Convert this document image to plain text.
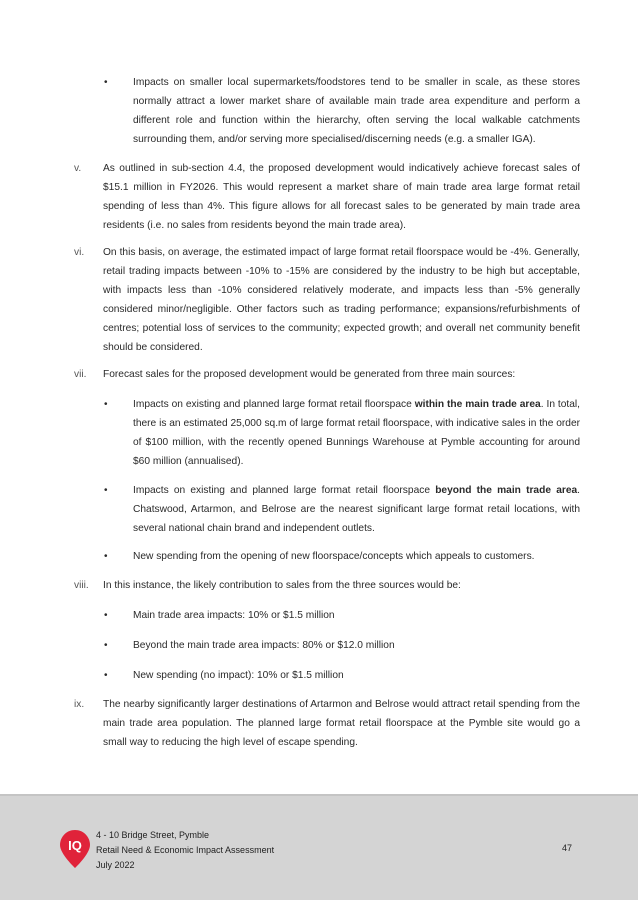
• Impacts on smaller local supermarkets/foodstores tend to be smaller in scale, as these stores normally attract a lower market share of available main trade area expenditure and perform a different role and function within the hierarchy, often serving the local walkable catchments surrounding them, and/or serving more specialised/discerning needs (e.g. a smaller IGA).
v. As outlined in sub-section 4.4, the proposed development would indicatively achieve forecast sales of $15.1 million in FY2026. This would represent a market share of main trade area large format retail spending of less than 4%. This figure allows for all forecast sales to be generated by main trade area residents (i.e. no sales from residents beyond the main trade area).
vi. On this basis, on average, the estimated impact of large format retail floorspace would be -4%. Generally, retail trading impacts between -10% to -15% are considered by the industry to be high but acceptable, with impacts less than -10% considered relatively moderate, and impacts less than -5% generally considered minor/negligible. Other factors such as trading performance; expansions/refurbishments of centres; potential loss of services to the community; expected growth; and overall net community benefit should be considered.
vii. Forecast sales for the proposed development would be generated from three main sources:
• Impacts on existing and planned large format retail floorspace within the main trade area. In total, there is an estimated 25,000 sq.m of large format retail floorspace, with indicative sales in the order of $100 million, with the recently opened Bunnings Warehouse at Pymble accounting for around $60 million (annualised).
• Impacts on existing and planned large format retail floorspace beyond the main trade area. Chatswood, Artarmon, and Belrose are the nearest significant large format retail locations, with several national chain brand and independent outlets.
• New spending from the opening of new floorspace/concepts which appeals to customers.
viii. In this instance, the likely contribution to sales from the three sources would be:
• Main trade area impacts: 10% or $1.5 million
• Beyond the main trade area impacts: 80% or $12.0 million
• New spending (no impact): 10% or $1.5 million
ix. The nearby significantly larger destinations of Artarmon and Belrose would attract retail spending from the main trade area population. The planned large format retail floorspace at the Pymble site would go a small way to reducing the high level of escape spending.
IQ
4 - 10 Bridge Street, Pymble
Retail Need & Economic Impact Assessment
July 2022
47
